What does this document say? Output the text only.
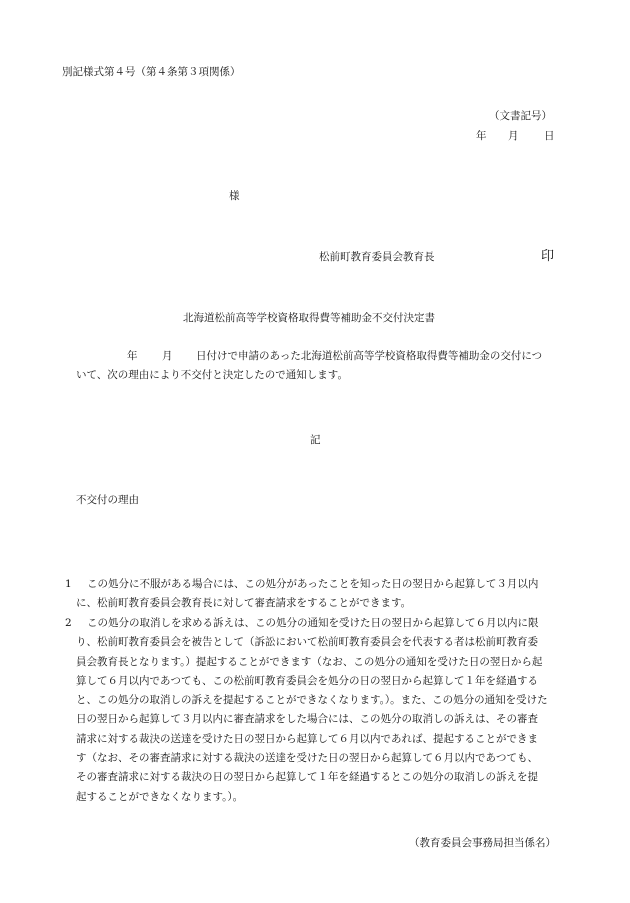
別記様式第４号（第４条第３項関係）
（文書記号）
年 月 日
様
松前町教育委員会教育長	印
北海道松前高等学校資格取得費等補助金不交付決定書
年 月	日付けで申請のあった北海道松前高等学校資格取得費等補助金の交付について、次の理由により不交付と決定したので通知します。
記
不交付の理由
1	この処分に不服がある場合には、この処分があったことを知った日の翌日から起算して３月以内に、松前町教育委員会教育長に対して審査請求をすることができます。
2	この処分の取消しを求める訴えは、この処分の通知を受けた日の翌日から起算して６月以内に限り、松前町教育委員会を被告として（訴訟において松前町教育委員会を代表する者は松前町教育委員会教育長となります。）提起することができます（なお、この処分の通知を受けた日の翌日から起算して６月以内であつても、この松前町教育委員会を処分の日の翌日から起算して１年を経過すると、この処分の取消しの訴えを提起することができなくなります。）。また、この処分の通知を受けた日の翌日から起算して３月以内に審査請求をした場合には、この処分の取消しの訴えは、その審査請求に対する裁決の送達を受けた日の翌日から起算して６月以内であれば、提起することができます（なお、その審査請求に対する裁決の送達を受けた日の翌日から起算して６月以内であつても、その審査請求に対する裁決の日の翌日から起算して１年を経過するとこの処分の取消しの訴えを提起することができなくなります。）。
（教育委員会事務局担当係名）
